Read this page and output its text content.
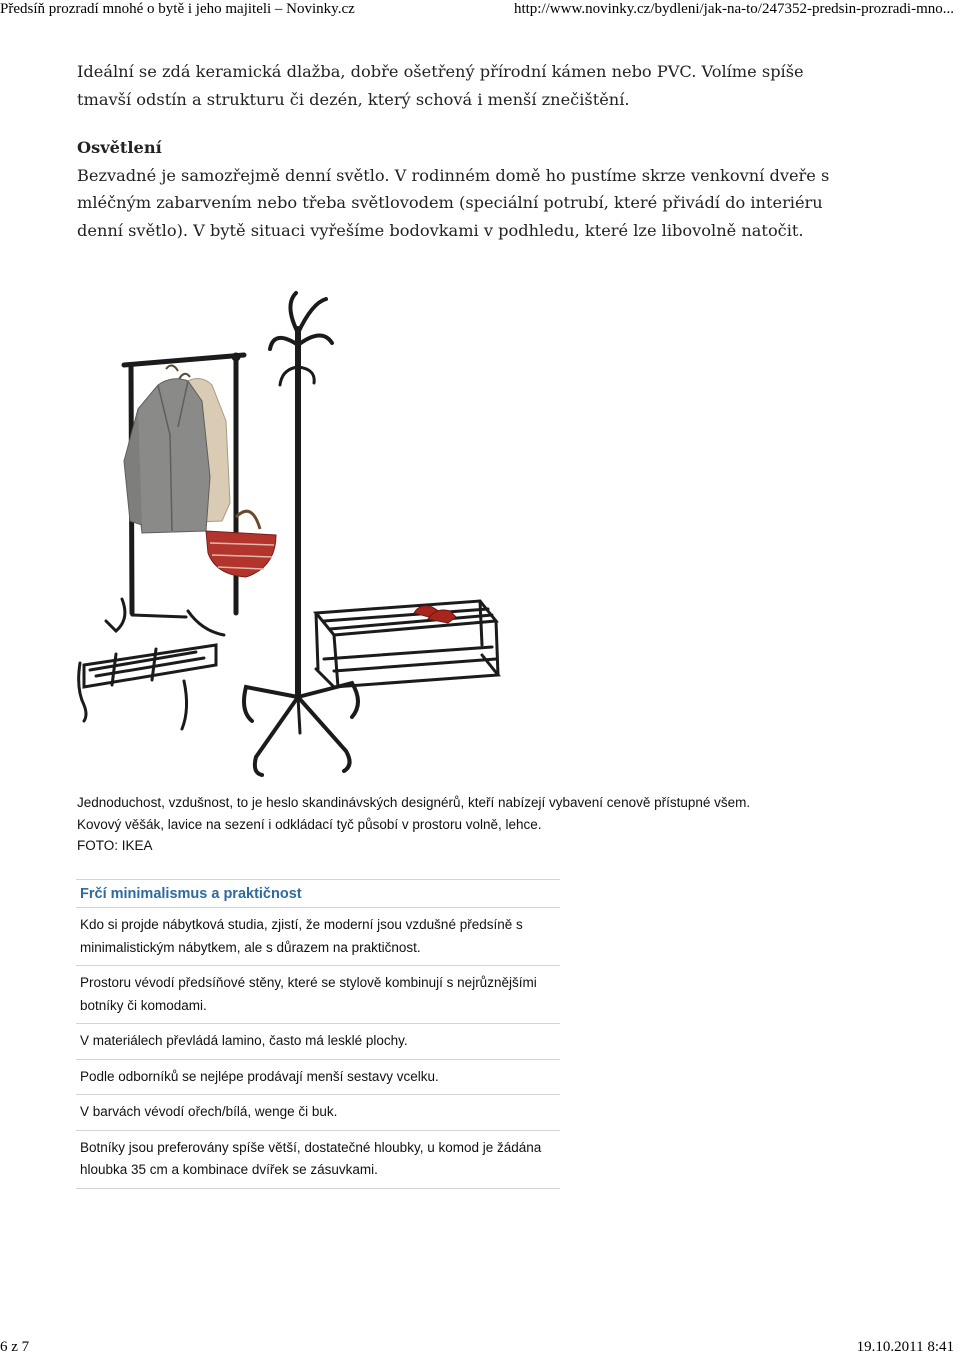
Předsíň prozradí mnohé o bytě i jeho majiteli – Novinky.cz	http://www.novinky.cz/bydleni/jak-na-to/247352-predsin-prozradi-mno...

Ideální se zdá keramická dlažba, dobře ošetřený přírodní kámen nebo PVC. Volíme spíše tmavší odstín a strukturu či dezén, který schová i menší znečištění.

Osvětlení

Bezvadné je samozřejmě denní světlo. V rodinném domě ho pustíme skrze venkovní dveře s mléčným zabarvením nebo třeba světlovodem (speciální potrubí, které přivádí do interiéru denní světlo). V bytě situaci vyřešíme bodovkami v podhledu, které lze libovolně natočit.

Jednoduchost, vzdušnost, to je heslo skandinávských designérů, kteří nabízejí vybavení cenově přístupné všem.

Kovový věšák, lavice na sezení i odkládací tyč působí v prostoru volně, lehce.

FOTO: IKEA

Frčí minimalismus a praktičnost
Kdo si projde nábytková studia, zjistí, že moderní jsou vzdušné předsíně s minimalistickým nábytkem, ale s důrazem na praktičnost.
Prostoru vévodí předsíňové stěny, které se stylově kombinují s nejrůznějšími botníky či komodami.
V materiálech převládá lamino, často má lesklé plochy.
Podle odborníků se nejlépe prodávají menší sestavy vcelku.
V barvách vévodí ořech/bílá, wenge či buk.
Botníky jsou preferovány spíše větší, dostatečné hloubky, u komod je žádána hloubka 35 cm a kombinace dvířek se zásuvkami.
6 z 7	19.10.2011 8:41
